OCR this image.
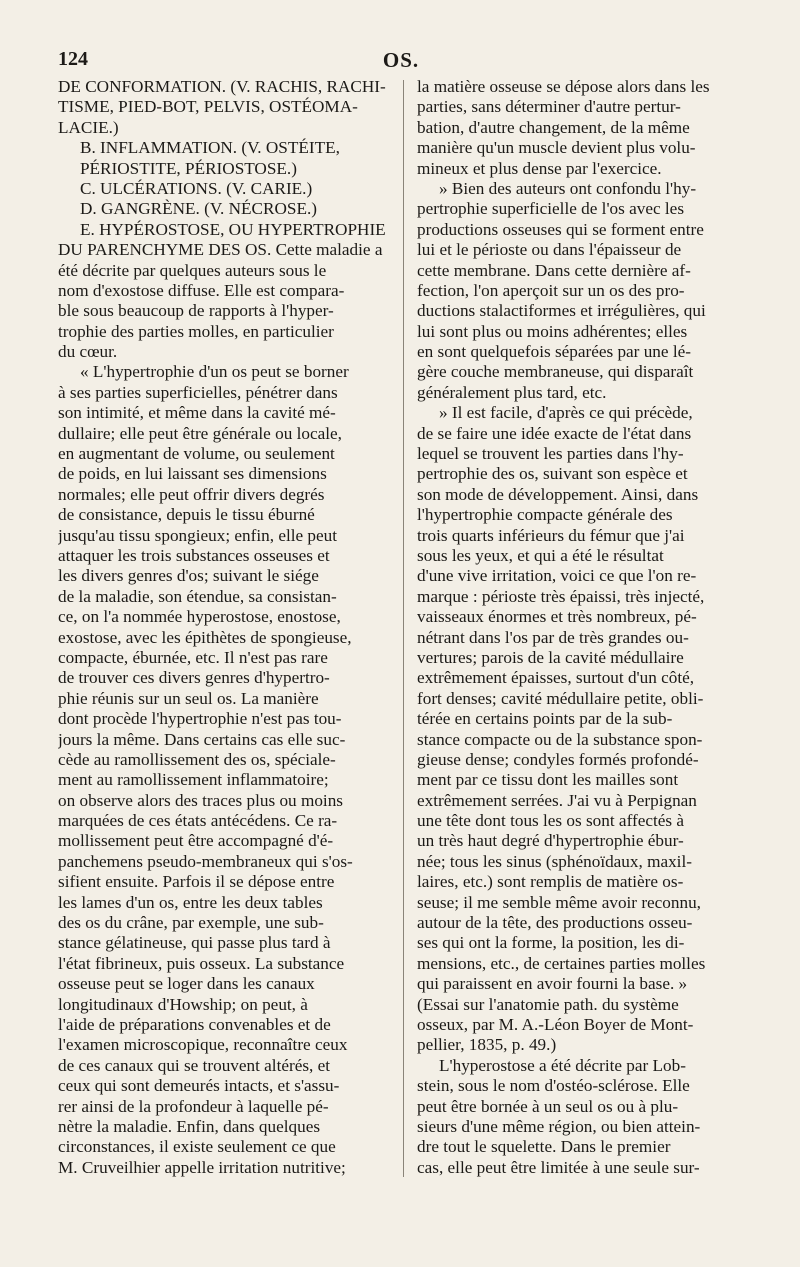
124	OS.
DE CONFORMATION. (V. RACHIS, RACHI-
TISME, PIED-BOT, PELVIS, OSTÉOMA-
LACIE.)
B. INFLAMMATION. (V. OSTÉITE,
PÉRIOSTITE, PÉRIOSTOSE.)
C. ULCÉRATIONS. (V. CARIE.)
D. GANGRÈNE. (V. NÉCROSE.)
E. HYPÉROSTOSE, OU HYPERTROPHIE
DU PARENCHYME DES OS. Cette maladie a
été décrite par quelques auteurs sous le
nom d'exostose diffuse. Elle est compara-
ble sous beaucoup de rapports à l'hyper-
trophie des parties molles, en particulier
du cœur.
« L'hypertrophie d'un os peut se borner
à ses parties superficielles, pénétrer dans
son intimité, et même dans la cavité mé-
dullaire; elle peut être générale ou locale,
en augmentant de volume, ou seulement
de poids, en lui laissant ses dimensions
normales; elle peut offrir divers degrés
de consistance, depuis le tissu éburné
jusqu'au tissu spongieux; enfin, elle peut
attaquer les trois substances osseuses et
les divers genres d'os; suivant le siége
de la maladie, son étendue, sa consistan-
ce, on l'a nommée hyperostose, enostose,
exostose, avec les épithètes de spongieuse,
compacte, éburnée, etc. Il n'est pas rare
de trouver ces divers genres d'hypertro-
phie réunis sur un seul os. La manière
dont procède l'hypertrophie n'est pas tou-
jours la même. Dans certains cas elle suc-
cède au ramollissement des os, spéciale-
ment au ramollissement inflammatoire;
on observe alors des traces plus ou moins
marquées de ces états antécédens. Ce ra-
mollissement peut être accompagné d'é-
panchemens pseudo-membraneux qui s'os-
sifient ensuite. Parfois il se dépose entre
les lames d'un os, entre les deux tables
des os du crâne, par exemple, une sub-
stance gélatineuse, qui passe plus tard à
l'état fibrineux, puis osseux. La substance
osseuse peut se loger dans les canaux
longitudinaux d'Howship; on peut, à
l'aide de préparations convenables et de
l'examen microscopique, reconnaître ceux
de ces canaux qui se trouvent altérés, et
ceux qui sont demeurés intacts, et s'assu-
rer ainsi de la profondeur à laquelle pé-
nètre la maladie. Enfin, dans quelques
circonstances, il existe seulement ce que
M. Cruveilhier appelle irritation nutritive;
la matière osseuse se dépose alors dans les
parties, sans déterminer d'autre pertur-
bation, d'autre changement, de la même
manière qu'un muscle devient plus volu-
mineux et plus dense par l'exercice.
» Bien des auteurs ont confondu l'hy-
pertrophie superficielle de l'os avec les
productions osseuses qui se forment entre
lui et le périoste ou dans l'épaisseur de
cette membrane. Dans cette dernière af-
fection, l'on aperçoit sur un os des pro-
ductions stalactiformes et irrégulières, qui
lui sont plus ou moins adhérentes; elles
en sont quelquefois séparées par une lé-
gère couche membraneuse, qui disparaît
généralement plus tard, etc.
» Il est facile, d'après ce qui précède,
de se faire une idée exacte de l'état dans
lequel se trouvent les parties dans l'hy-
pertrophie des os, suivant son espèce et
son mode de développement. Ainsi, dans
l'hypertrophie compacte générale des
trois quarts inférieurs du fémur que j'ai
sous les yeux, et qui a été le résultat
d'une vive irritation, voici ce que l'on re-
marque : périoste très épaissi, très injecté,
vaisseaux énormes et très nombreux, pé-
nétrant dans l'os par de très grandes ou-
vertures; parois de la cavité médullaire
extrêmement épaisses, surtout d'un côté,
fort denses; cavité médullaire petite, obli-
térée en certains points par de la sub-
stance compacte ou de la substance spon-
gieuse dense; condyles formés profondé-
ment par ce tissu dont les mailles sont
extrêmement serrées. J'ai vu à Perpignan
une tête dont tous les os sont affectés à
un très haut degré d'hypertrophie ébur-
née; tous les sinus (sphénoïdaux, maxil-
laires, etc.) sont remplis de matière os-
seuse; il me semble même avoir reconnu,
autour de la tête, des productions osseu-
ses qui ont la forme, la position, les di-
mensions, etc., de certaines parties molles
qui paraissent en avoir fourni la base. »
(Essai sur l'anatomie path. du système
osseux, par M. A.-Léon Boyer de Mont-
pellier, 1835, p. 49.)
L'hyperostose a été décrite par Lob-
stein, sous le nom d'ostéo-sclérose. Elle
peut être bornée à un seul os ou à plu-
sieurs d'une même région, ou bien attein-
dre tout le squelette. Dans le premier
cas, elle peut être limitée à une seule sur-
